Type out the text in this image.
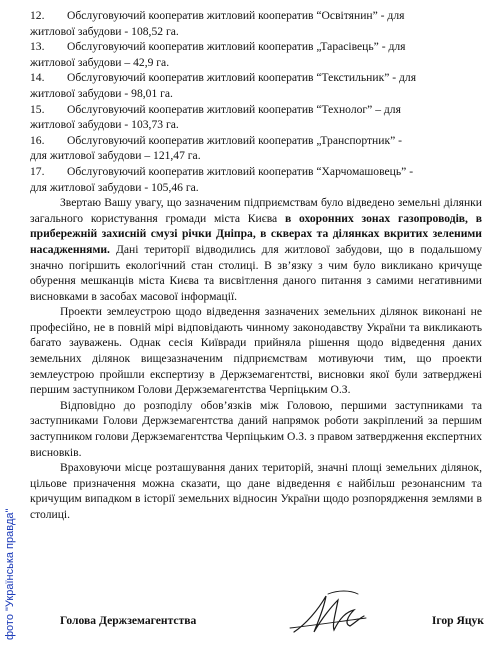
12. Обслуговуючий кооператив житловий кооператив “Освітянин” - для

житлової забудови - 108,52 га.

13. Обслуговуючий кооператив житловий кооператив „Тарасівець” - для

житлової забудови – 42,9 га.

14. Обслуговуючий кооператив житловий кооператив “Текстильник” - для

житлової забудови - 98,01 га.

15. Обслуговуючий кооператив житловий кооператив “Технолог” – для

житлової забудови - 103,73 га.

16. Обслуговуючий кооператив житловий кооператив „Транспортник” -

для житлової забудови – 121,47 га.

17. Обслуговуючий кооператив житловий кооператив “Харчомашовець” -

для житлової забудови - 105,46 га.

Звертаю Вашу увагу, що зазначеним підприємствам було відведено земельні ділянки загального користування громади міста Києва в охоронних зонах газопроводів, в прибережній захисній смузі річки Дніпра, в скверах та ділянках вкритих зеленими насадженнями. Дані території відводились для житлової забудови, що в подальшому значно погіршить екологічний стан столиці. В зв’язку з чим було викликано кричуще обурення мешканців міста Києва та висвітлення даного питання з самими негативними висновками в засобах масової інформації.

Проекти землеустрою щодо відведення зазначених земельних ділянок виконані не професійно, не в повній мірі відповідають чинному законодавству України та викликають багато зауважень. Однак сесія Київради прийняла рішення щодо відведення даних земельних ділянок вищезазначеним підприємствам мотивуючи тим, що проекти землеустрою пройшли експертизу в Держземагентстві, висновки якої були затверджені першим заступником Голови Держземагентства Черпіцьким О.З.

Відповідно до розподілу обов’язків між Головою, першими заступниками та заступниками Голови Держземагентства даний напрямок роботи закріплений за першим заступником голови Держземагентства Черпіцьким О.З. з правом затвердження експертних висновків.

Враховуючи місце розташування даних територій, значні площі земельних ділянок, цільове призначення можна сказати, що дане відведення є найбільш резонансним та кричущим випадком в історії земельних відносин України щодо розпорядження землями в столиці.

Голова Держземагентства	Ігор Яцук
фото "Українська правда"
